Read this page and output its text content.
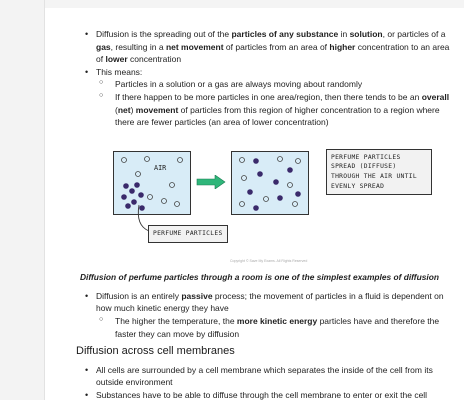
• Diffusion is the spreading out of the particles of any substance in solution, or particles of a gas, resulting in a net movement of particles from an area of higher concentration to an area of lower concentration
• This means:
○ Particles in a solution or a gas are always moving about randomly
○ If there happen to be more particles in one area/region, then there tends to be an overall (net) movement of particles from this region of higher concentration to a region where there are fewer particles (an area of lower concentration)
AIR
PERFUME PARTICLES
PERFUME PARTICLES SPREAD (DIFFUSE) THROUGH THE AIR UNTIL EVENLY SPREAD
Copyright © Save My Exams. All Rights Reserved
Diffusion of perfume particles through a room is one of the simplest examples of diffusion
• Diffusion is an entirely passive process; the movement of particles in a fluid is dependent on how much kinetic energy they have
○ The higher the temperature, the more kinetic energy particles have and therefore the faster they can move by diffusion
Diffusion across cell membranes
• All cells are surrounded by a cell membrane which separates the inside of the cell from its outside environment
• Substances have to be able to diffuse through the cell membrane to enter or exit the cell
